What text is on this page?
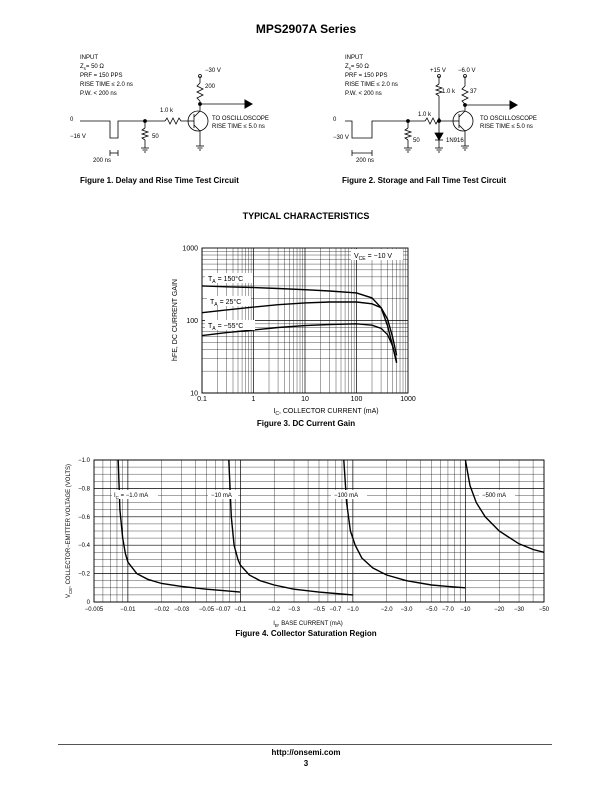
MPS2907A Series
INPUT
$Z_s= 50$ Ω
PRF = 150 PPS
RISE TIME ≤ 2.0 ns
P.W. < 200 ns
−30 V
200
1.0 k
50
0
−16 V
200 ns
TO OSCILLOSCOPE
RISE TIME ≤ 5.0 ns
Figure 1. Delay and Rise Time Test Circuit
INPUT
$Z_s= 50$ Ω
PRF = 150 PPS
RISE TIME ≤ 2.0 ns
P.W. < 200 ns
+15 V −6.0 V
1.0 k 37
1.0 k
50	1N916
0
−30 V
200 ns
TO OSCILLOSCOPE
RISE TIME ≤ 5.0 ns
Figure 2. Storage and Fall Time Test Circuit
TYPICAL CHARACTERISTICS
0.1	1	10	100	1000
10
100
1000
$V_{CE} = -10$ V
$T_A = 150^\circ C$
$T_A = 25^\circ C$
$T_A = -55^\circ C$
$I_C$, COLLECTOR CURRENT (mA)
hFE, DC CURRENT GAIN
Figure 3. DC Current Gain
−0.005	−0.01	−0.02 −0.03 −0.05 −0.07 −0.1	−0.2 −0.3 −0.5 −0.7 −1.0	−2.0 −3.0 −5.0 −7.0 −10	−20 −30 −50
−1.0
−0.8
−0.6
−0.4
−0.2
0
$I_C = -1.0$ mA	−10 mA	−100 mA	−500 mA
$I_B$, BASE CURRENT (mA)
$V_{CE}$, COLLECTOR−EMITTER VOLTAGE (VOLTS)
Figure 4. Collector Saturation Region
http://onsemi.com
3
